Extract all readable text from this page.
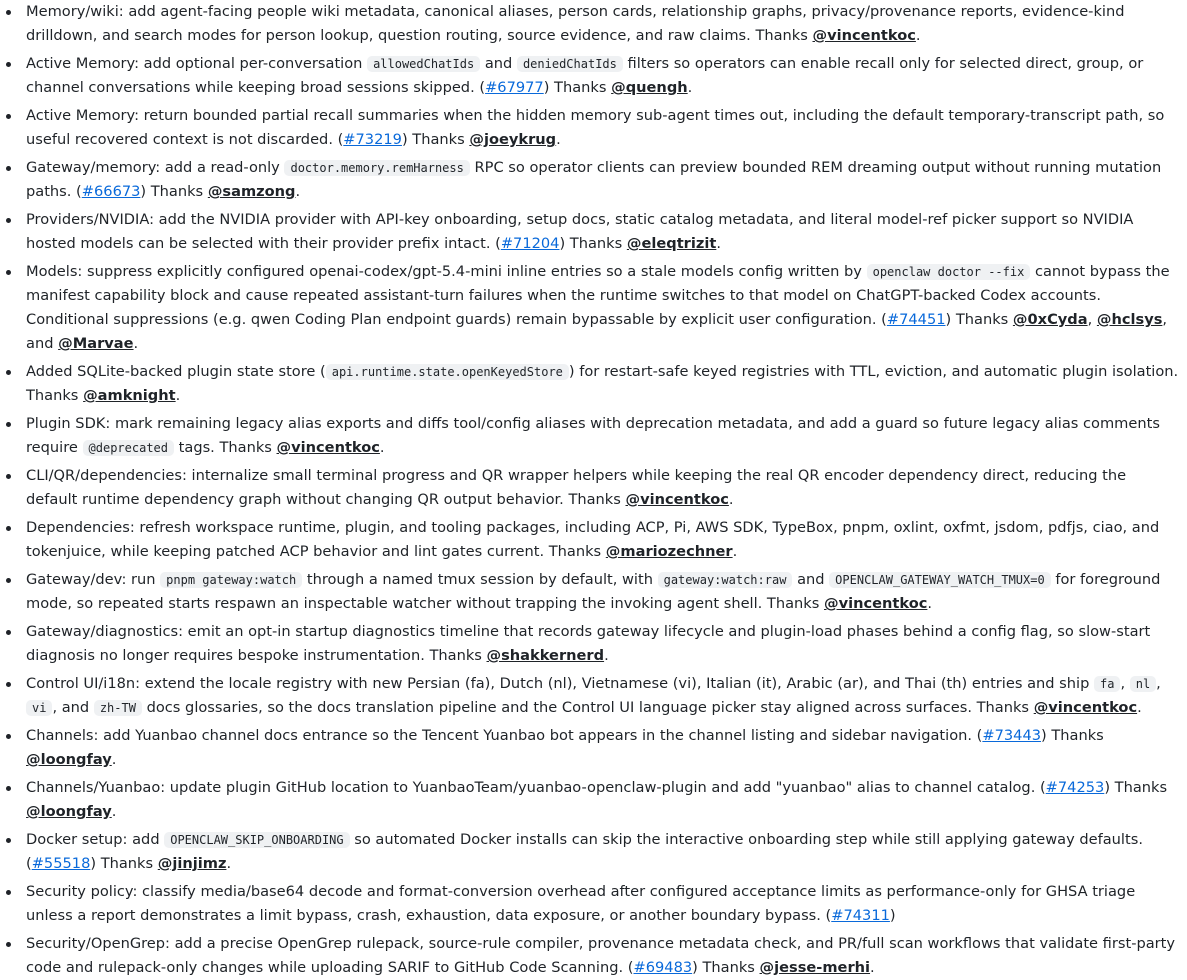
Memory/wiki: add agent-facing people wiki metadata, canonical aliases, person cards, relationship graphs, privacy/provenance reports, evidence-kind drilldown, and search modes for person lookup, question routing, source evidence, and raw claims. Thanks @vincentkoc.
Active Memory: add optional per-conversation allowedChatIds and deniedChatIds filters so operators can enable recall only for selected direct, group, or channel conversations while keeping broad sessions skipped. (#67977) Thanks @quengh.
Active Memory: return bounded partial recall summaries when the hidden memory sub-agent times out, including the default temporary-transcript path, so useful recovered context is not discarded. (#73219) Thanks @joeykrug.
Gateway/memory: add a read-only doctor.memory.remHarness RPC so operator clients can preview bounded REM dreaming output without running mutation paths. (#66673) Thanks @samzong.
Providers/NVIDIA: add the NVIDIA provider with API-key onboarding, setup docs, static catalog metadata, and literal model-ref picker support so NVIDIA hosted models can be selected with their provider prefix intact. (#71204) Thanks @eleqtrizit.
Models: suppress explicitly configured openai-codex/gpt-5.4-mini inline entries so a stale models config written by openclaw doctor --fix cannot bypass the manifest capability block and cause repeated assistant-turn failures when the runtime switches to that model on ChatGPT-backed Codex accounts. Conditional suppressions (e.g. qwen Coding Plan endpoint guards) remain bypassable by explicit user configuration. (#74451) Thanks @0xCyda, @hclsys, and @Marvae.
Added SQLite-backed plugin state store ( api.runtime.state.openKeyedStore ) for restart-safe keyed registries with TTL, eviction, and automatic plugin isolation. Thanks @amknight.
Plugin SDK: mark remaining legacy alias exports and diffs tool/config aliases with deprecation metadata, and add a guard so future legacy alias comments require @deprecated tags. Thanks @vincentkoc.
CLI/QR/dependencies: internalize small terminal progress and QR wrapper helpers while keeping the real QR encoder dependency direct, reducing the default runtime dependency graph without changing QR output behavior. Thanks @vincentkoc.
Dependencies: refresh workspace runtime, plugin, and tooling packages, including ACP, Pi, AWS SDK, TypeBox, pnpm, oxlint, oxfmt, jsdom, pdfjs, ciao, and tokenjuice, while keeping patched ACP behavior and lint gates current. Thanks @mariozechner.
Gateway/dev: run pnpm gateway:watch through a named tmux session by default, with gateway:watch:raw and OPENCLAW_GATEWAY_WATCH_TMUX=0 for foreground mode, so repeated starts respawn an inspectable watcher without trapping the invoking agent shell. Thanks @vincentkoc.
Gateway/diagnostics: emit an opt-in startup diagnostics timeline that records gateway lifecycle and plugin-load phases behind a config flag, so slow-start diagnosis no longer requires bespoke instrumentation. Thanks @shakkernerd.
Control UI/i18n: extend the locale registry with new Persian (fa), Dutch (nl), Vietnamese (vi), Italian (it), Arabic (ar), and Thai (th) entries and ship fa , nl , vi , and zh-TW docs glossaries, so the docs translation pipeline and the Control UI language picker stay aligned across surfaces. Thanks @vincentkoc.
Channels: add Yuanbao channel docs entrance so the Tencent Yuanbao bot appears in the channel listing and sidebar navigation. (#73443) Thanks @loongfay.
Channels/Yuanbao: update plugin GitHub location to YuanbaoTeam/yuanbao-openclaw-plugin and add "yuanbao" alias to channel catalog. (#74253) Thanks @loongfay.
Docker setup: add OPENCLAW_SKIP_ONBOARDING so automated Docker installs can skip the interactive onboarding step while still applying gateway defaults. (#55518) Thanks @jinjimz.
Security policy: classify media/base64 decode and format-conversion overhead after configured acceptance limits as performance-only for GHSA triage unless a report demonstrates a limit bypass, crash, exhaustion, data exposure, or another boundary bypass. (#74311)
Security/OpenGrep: add a precise OpenGrep rulepack, source-rule compiler, provenance metadata check, and PR/full scan workflows that validate first-party code and rulepack-only changes while uploading SARIF to GitHub Code Scanning. (#69483) Thanks @jesse-merhi.
